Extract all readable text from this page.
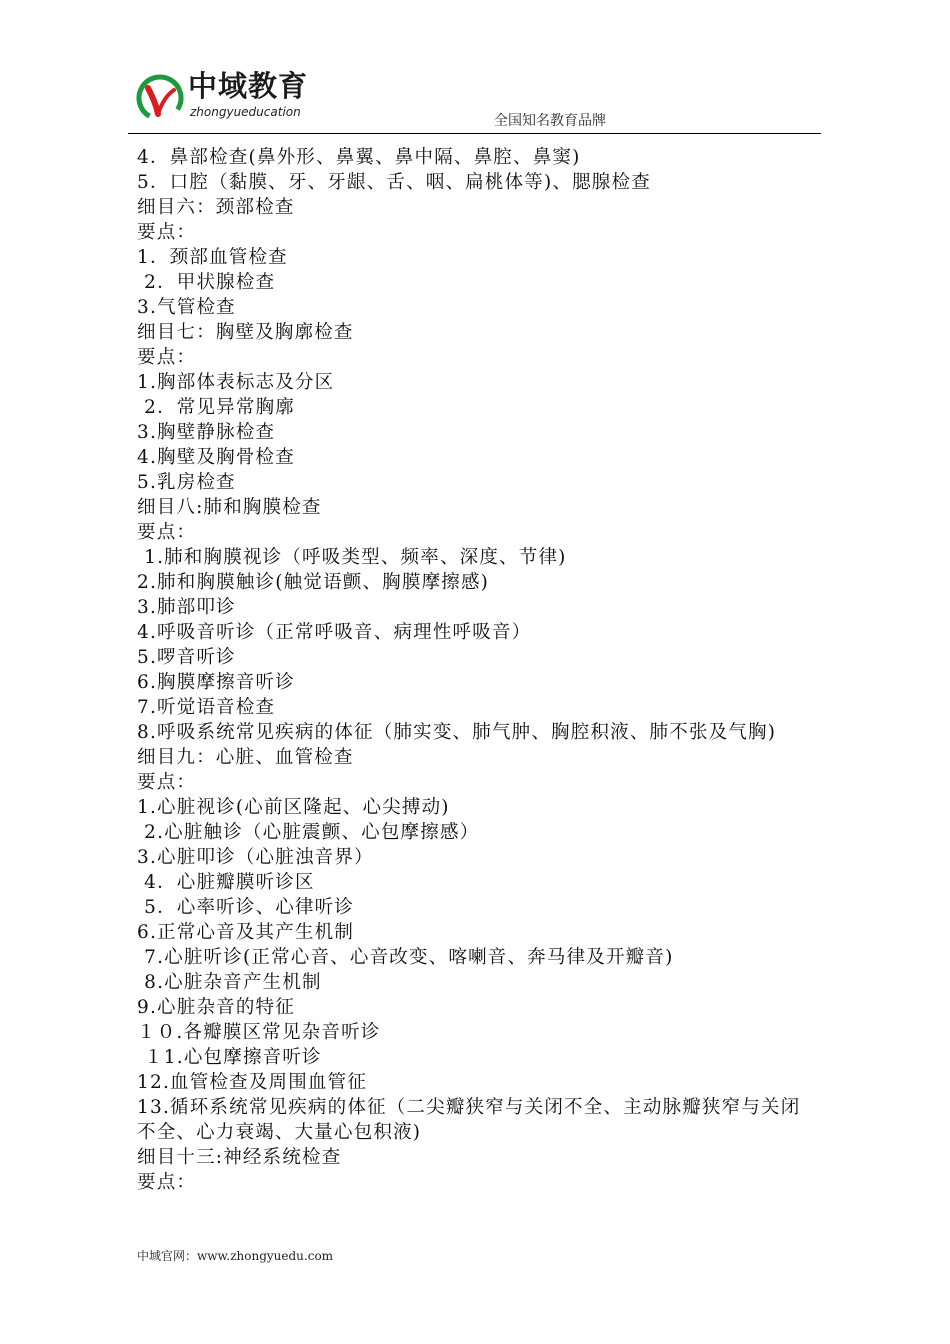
中域教育
zhongyueducation
全国知名教育品牌
4．鼻部检查(鼻外形、鼻翼、鼻中隔、鼻腔、鼻窦)
5．口腔（黏膜、牙、牙龈、舌、咽、扁桃体等)、腮腺检查
细目六：颈部检查
要点：
1．颈部血管检查
2．甲状腺检查
3.气管检查
细目七：胸壁及胸廓检查
要点：
1.胸部体表标志及分区
2．常见异常胸廓
3.胸壁静脉检查
4.胸壁及胸骨检查
5.乳房检查
细目八:肺和胸膜检查
要点：
1.肺和胸膜视诊（呼吸类型、频率、深度、节律)
2.肺和胸膜触诊(触觉语颤、胸膜摩擦感)
3.肺部叩诊
4.呼吸音听诊（正常呼吸音、病理性呼吸音）
5.啰音听诊
6.胸膜摩擦音听诊
7.听觉语音检查
8.呼吸系统常见疾病的体征（肺实变、肺气肿、胸腔积液、肺不张及气胸)
细目九：心脏、血管检查
要点：
1.心脏视诊(心前区隆起、心尖搏动)
2.心脏触诊（心脏震颤、心包摩擦感）
3.心脏叩诊（心脏浊音界）
4．心脏瓣膜听诊区
5．心率听诊、心律听诊
6.正常心音及其产生机制
7.心脏听诊(正常心音、心音改变、喀喇音、奔马律及开瓣音)
8.心脏杂音产生机制
9.心脏杂音的特征
１０.各瓣膜区常见杂音听诊
１1.心包摩擦音听诊
12.血管检查及周围血管征
13.循环系统常见疾病的体征（二尖瓣狭窄与关闭不全、主动脉瓣狭窄与关闭不全、心力衰竭、大量心包积液)
细目十三:神经系统检查
要点：
中域官网：www.zhongyuedu.com
